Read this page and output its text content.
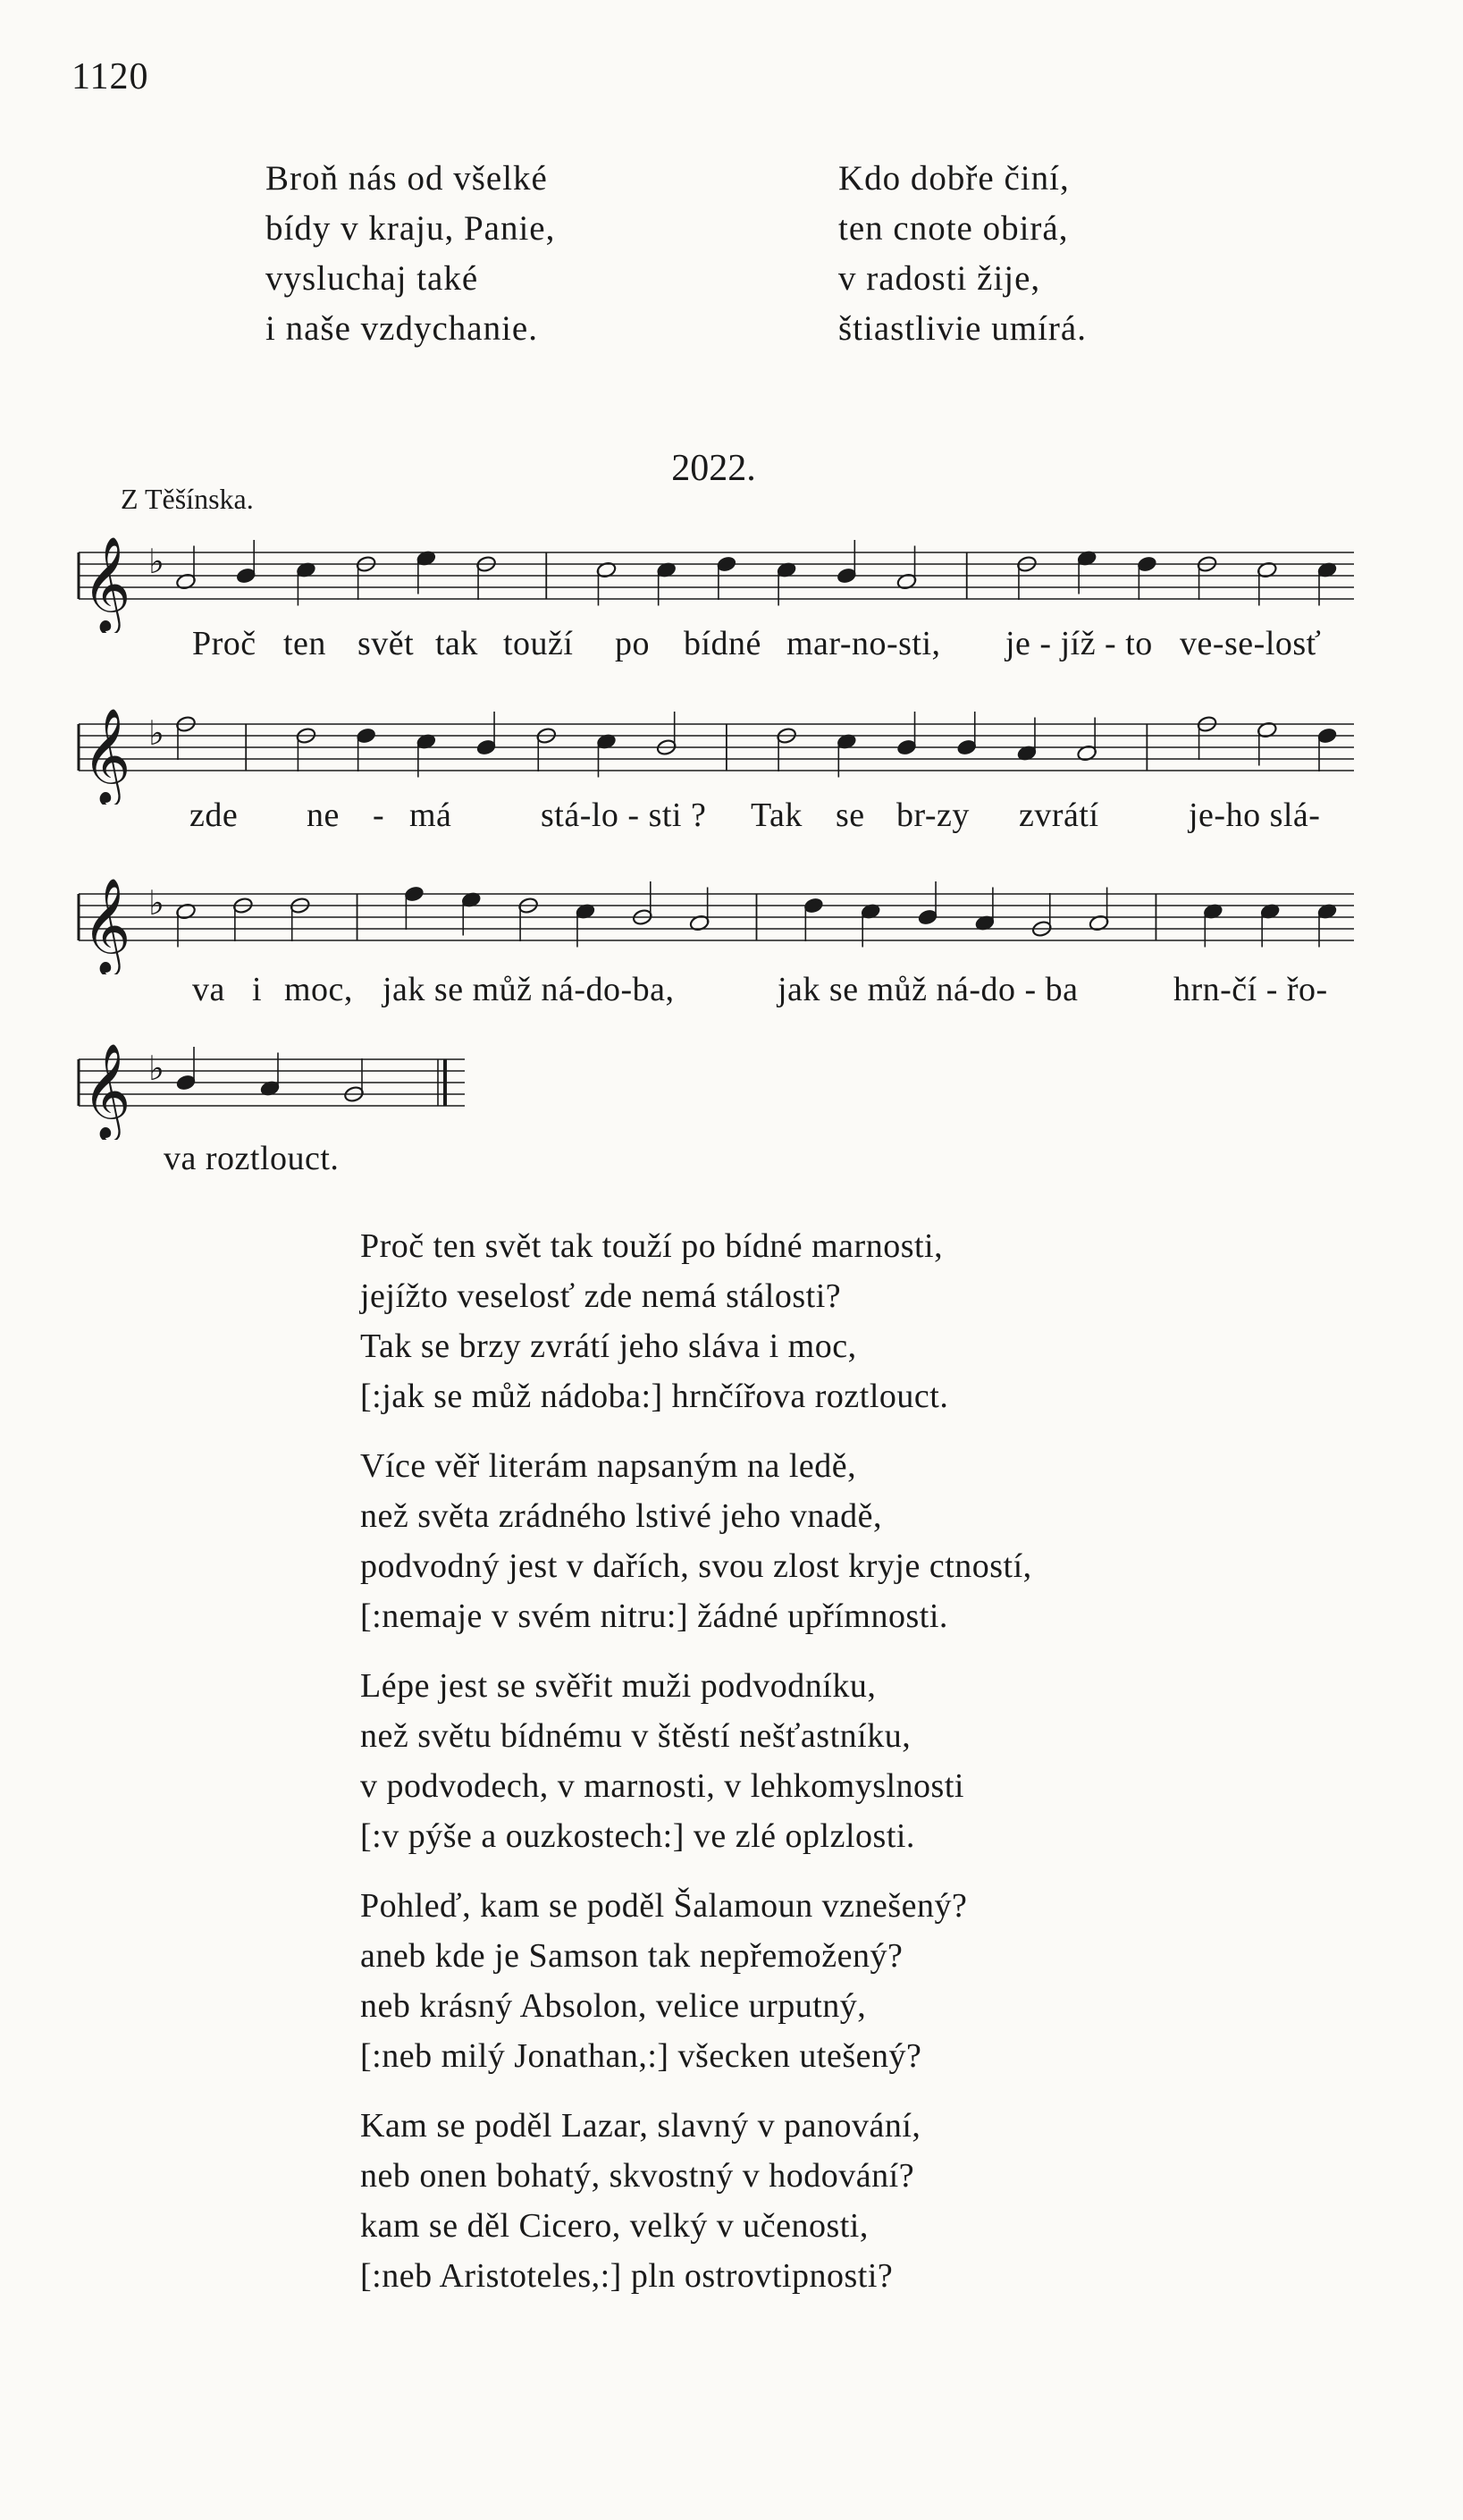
1120
Broň nás od všelké
bídy v kraju, Panie,
vysluchaj také
i naše vzdychanie.
Kdo dobře činí,
ten cnote obirá,
v radosti žije,
štiastlivie umírá.
2022.
Z Těšínska.
𝄞 ♭
𝄞 ♭
𝄞 ♭
𝄞 ♭
Proč ten svět tak touží po bídné mar-no-sti, je - jíž - to ve-se-losť
zde ne - má	stá-lo - sti ? Tak se br-zy zvrátí	je-ho slá-
va i moc, jak se můž ná-do-ba,	jak se můž ná-do - ba	hrn-čí - řo-
va roztlouct.
Proč ten svět tak touží po bídné marnosti,
jejížto veselosť zde nemá stálosti?
Tak se brzy zvrátí jeho sláva i moc,
[:jak se můž nádoba:] hrnčířova roztlouct.
Více věř literám napsaným na ledě,
než světa zrádného lstivé jeho vnadě,
podvodný jest v dařích, svou zlost kryje ctností,
[:nemaje v svém nitru:] žádné upřímnosti.
Lépe jest se svěřit muži podvodníku,
než světu bídnému v štěstí nešťastníku,
v podvodech, v marnosti, v lehkomyslnosti
[:v pýše a ouzkostech:] ve zlé oplzlosti.
Pohleď, kam se poděl Šalamoun vznešený?
aneb kde je Samson tak nepřemožený?
neb krásný Absolon, velice urputný,
[:neb milý Jonathan,:] všecken utešený?
Kam se poděl Lazar, slavný v panování,
neb onen bohatý, skvostný v hodování?
kam se děl Cicero, velký v učenosti,
[:neb Aristoteles,:] pln ostrovtipnosti?
